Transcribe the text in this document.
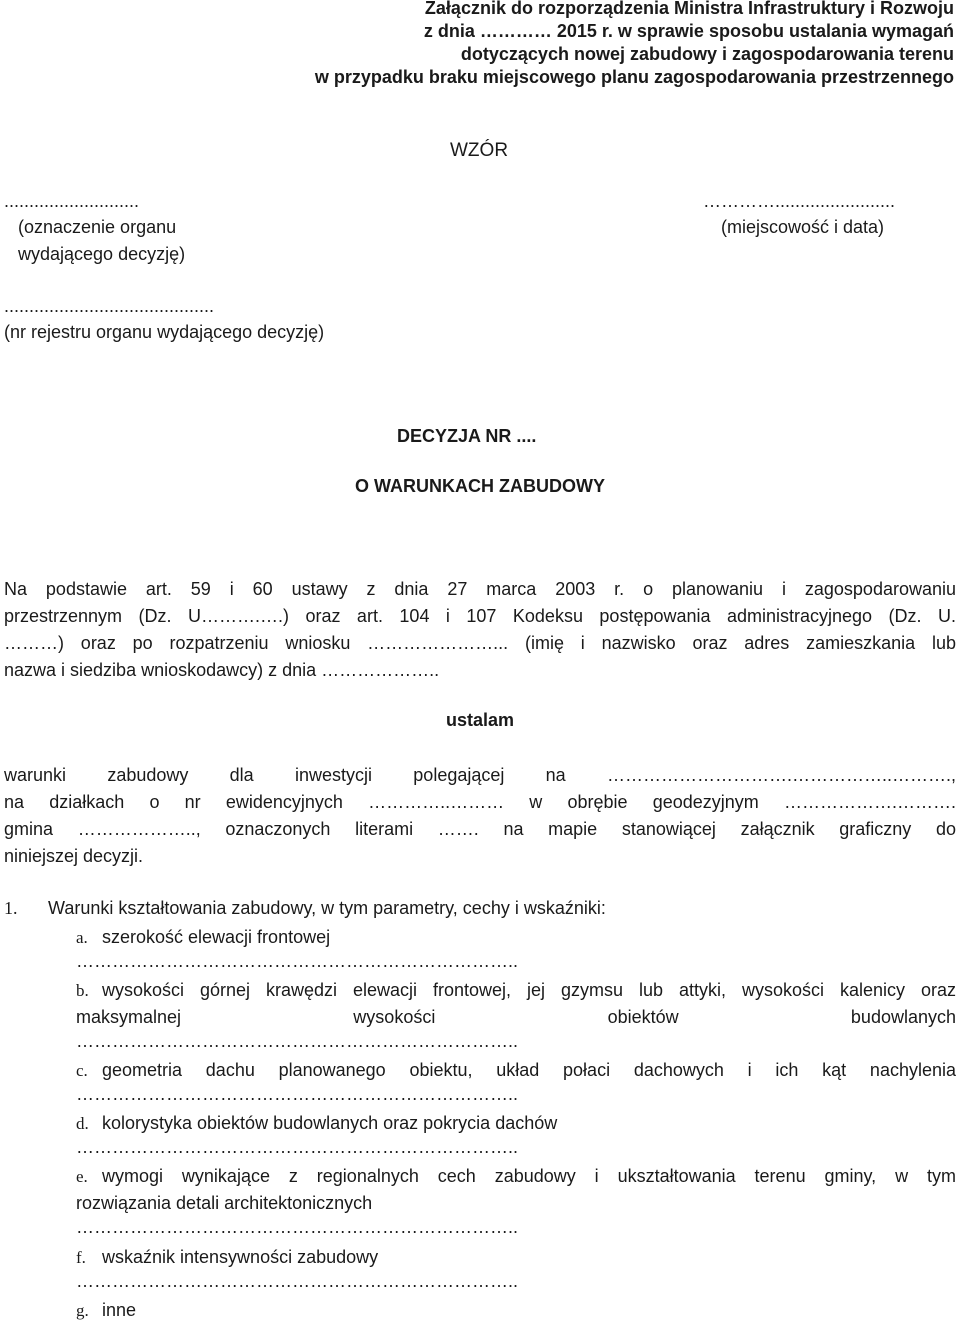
Załącznik do rozporządzenia Ministra Infrastruktury i Rozwoju
z dnia ………… 2015 r. w sprawie sposobu ustalania wymagań
dotyczących nowej zabudowy i zagospodarowania terenu
w przypadku braku miejscowego planu zagospodarowania przestrzennego
WZÓR
...........................
(oznaczenie organu
wydającego decyzję)
…………........................
(miejscowość i data)
..........................................
(nr rejestru organu wydającego decyzję)
DECYZJA NR ....
O WARUNKACH ZABUDOWY
Na podstawie art. 59 i 60 ustawy z dnia 27 marca 2003 r. o planowaniu i zagospodarowaniu
przestrzennym (Dz. U……….….) oraz art. 104 i 107 Kodeksu postępowania administracyjnego (Dz. U.
………) oraz po rozpatrzeniu wniosku …………………... (imię i nazwisko oraz adres zamieszkania lub
nazwa i siedziba wnioskodawcy) z dnia ………………..
ustalam
warunki zabudowy dla inwestycji polegającej na ………………………….……………..……….,
na działkach o nr ewidencyjnych …………..……… w obrębie geodezyjnym ……………….……….
gmina ……………….., oznaczonych literami ……. na mapie stanowiącej załącznik graficzny do
niniejszej decyzji.
1. Warunki kształtowania zabudowy, w tym parametry, cechy i wskaźniki:
a. szerokość elewacji frontowej
………………………………………………………………..
b. wysokości górnej krawędzi elewacji frontowej, jej gzymsu lub attyki, wysokości kalenicy oraz
maksymalnej wysokości obiektów budowlanych
………………………………………………………………..
c. geometria dachu planowanego obiektu, układ połaci dachowych i ich kąt nachylenia
………………………………………………………………..
d. kolorystyka obiektów budowlanych oraz pokrycia dachów
………………………………………………………………..
e. wymogi wynikające z regionalnych cech zabudowy i ukształtowania terenu gminy, w tym
rozwiązania detali architektonicznych
………………………………………………………………..
f. wskaźnik intensywności zabudowy
………………………………………………………………..
g. inne
